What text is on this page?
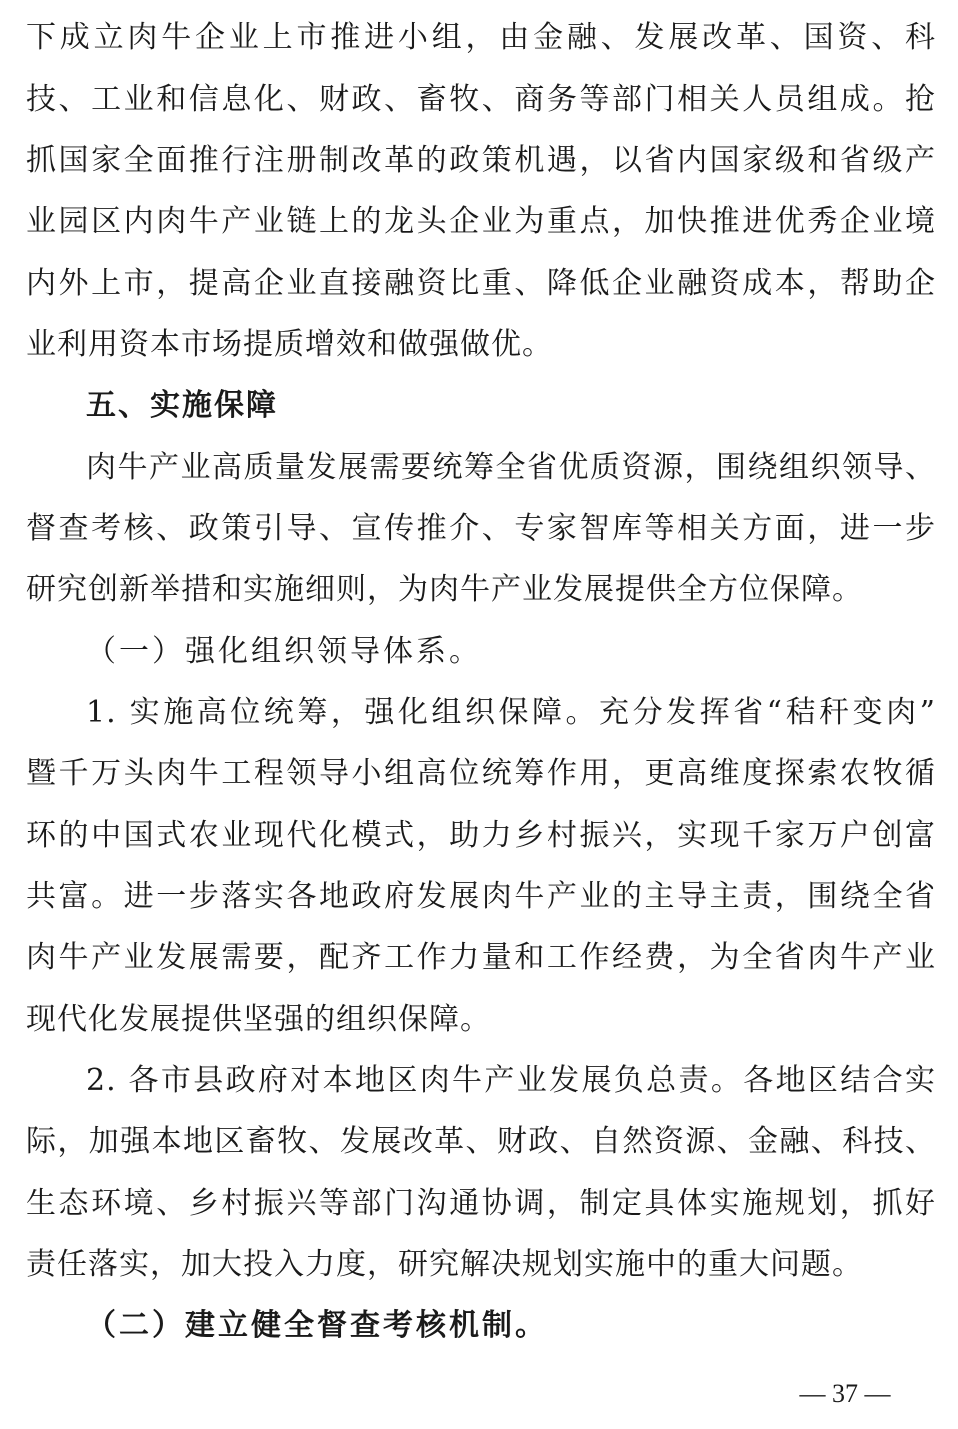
下成立肉牛企业上市推进小组，由金融、发展改革、国资、科
技、工业和信息化、财政、畜牧、商务等部门相关人员组成。抢
抓国家全面推行注册制改革的政策机遇，以省内国家级和省级产
业园区内肉牛产业链上的龙头企业为重点，加快推进优秀企业境
内外上市，提高企业直接融资比重、降低企业融资成本，帮助企
业利用资本市场提质增效和做强做优。
五、实施保障
肉牛产业高质量发展需要统筹全省优质资源，围绕组织领导、
督查考核、政策引导、宣传推介、专家智库等相关方面，进一步
研究创新举措和实施细则，为肉牛产业发展提供全方位保障。
（一）强化组织领导体系。
1. 实施高位统筹，强化组织保障。充分发挥省“秸秆变肉”
暨千万头肉牛工程领导小组高位统筹作用，更高维度探索农牧循
环的中国式农业现代化模式，助力乡村振兴，实现千家万户创富
共富。进一步落实各地政府发展肉牛产业的主导主责，围绕全省
肉牛产业发展需要，配齐工作力量和工作经费，为全省肉牛产业
现代化发展提供坚强的组织保障。
2. 各市县政府对本地区肉牛产业发展负总责。各地区结合实
际，加强本地区畜牧、发展改革、财政、自然资源、金融、科技、
生态环境、乡村振兴等部门沟通协调，制定具体实施规划，抓好
责任落实，加大投入力度，研究解决规划实施中的重大问题。
（二）建立健全督查考核机制。
— 37 —
